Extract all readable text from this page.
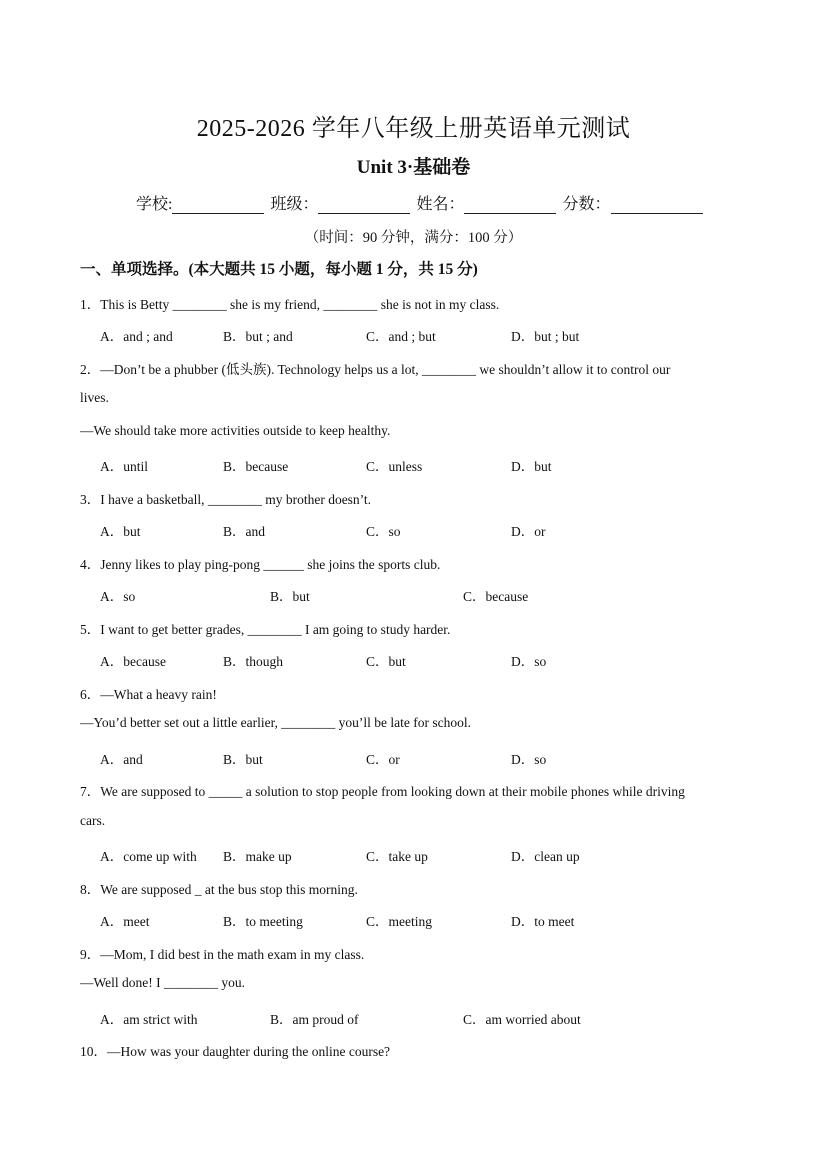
2025-2026 学年八年级上册英语单元测试
Unit 3·基础卷
学校:	班级：	姓名：	分数：
（时间：90 分钟，满分：100 分）
一、单项选择。(本大题共 15 小题，每小题 1 分，共 15 分)
1．This is Betty ________ she is my friend, ________ she is not in my class.
A．and ; and	B．but ; and	C．and ; but	D．but ; but
2．—Don’t be a phubber (低头族). Technology helps us a lot, ________ we shouldn’t allow it to control our
lives.
—We should take more activities outside to keep healthy.
A．until	B．because	C．unless	D．but
3．I have a basketball, ________ my brother doesn’t.
A．but	B．and	C．so	D．or
4．Jenny likes to play ping-pong ______ she joins the sports club.
A．so	B．but	C．because
5．I want to get better grades, ________ I am going to study harder.
A．because	B．though	C．but	D．so
6．—What a heavy rain!
—You’d better set out a little earlier, ________ you’ll be late for school.
A．and	B．but	C．or	D．so
7．We are supposed to _____ a solution to stop people from looking down at their mobile phones while driving
cars.
A．come up with B．make up	C．take up	D．clean up
8．We are supposed _ at the bus stop this morning.
A．meet	B．to meeting	C．meeting	D．to meet
9．—Mom, I did best in the math exam in my class.
—Well done! I ________ you.
A．am strict with	B．am proud of	C．am worried about
10．—How was your daughter during the online course?
